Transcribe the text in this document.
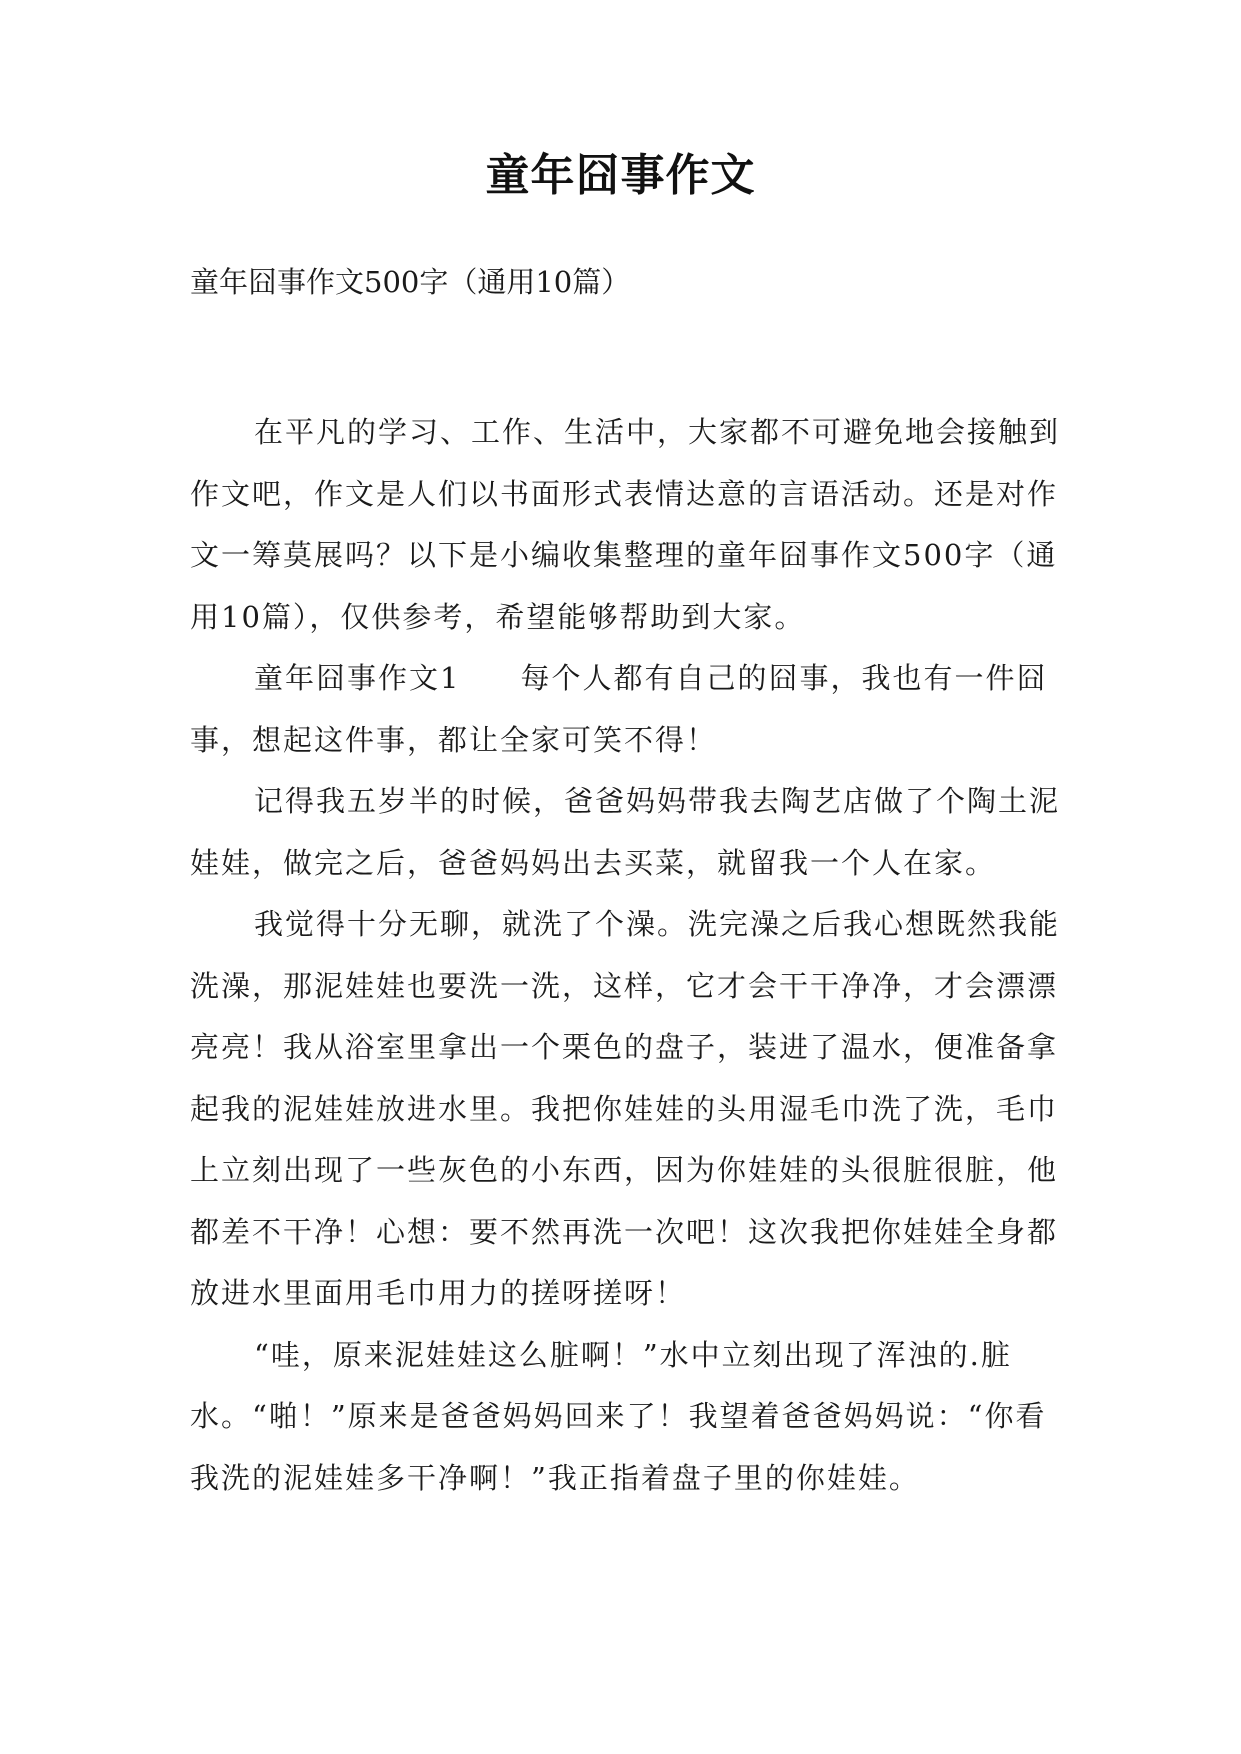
童年囧事作文
童年囧事作文500字（通用10篇）

在平凡的学习、工作、生活中，大家都不可避免地会接触到作文吧，作文是人们以书面形式表情达意的言语活动。还是对作文一筹莫展吗？以下是小编收集整理的童年囧事作文500字（通用10篇），仅供参考，希望能够帮助到大家。

童年囧事作文1 每个人都有自己的囧事，我也有一件囧事，想起这件事，都让全家可笑不得！

记得我五岁半的时候，爸爸妈妈带我去陶艺店做了个陶土泥娃娃，做完之后，爸爸妈妈出去买菜，就留我一个人在家。

我觉得十分无聊，就洗了个澡。洗完澡之后我心想既然我能洗澡，那泥娃娃也要洗一洗，这样，它才会干干净净，才会漂漂亮亮！我从浴室里拿出一个栗色的盘子，装进了温水，便准备拿起我的泥娃娃放进水里。我把你娃娃的头用湿毛巾洗了洗，毛巾上立刻出现了一些灰色的小东西，因为你娃娃的头很脏很脏，他都差不干净！心想：要不然再洗一次吧！这次我把你娃娃全身都放进水里面用毛巾用力的搓呀搓呀！

“哇，原来泥娃娃这么脏啊！”水中立刻出现了浑浊的.脏水。“啪！”原来是爸爸妈妈回来了！我望着爸爸妈妈说：“你看我洗的泥娃娃多干净啊！”我正指着盘子里的你娃娃。
